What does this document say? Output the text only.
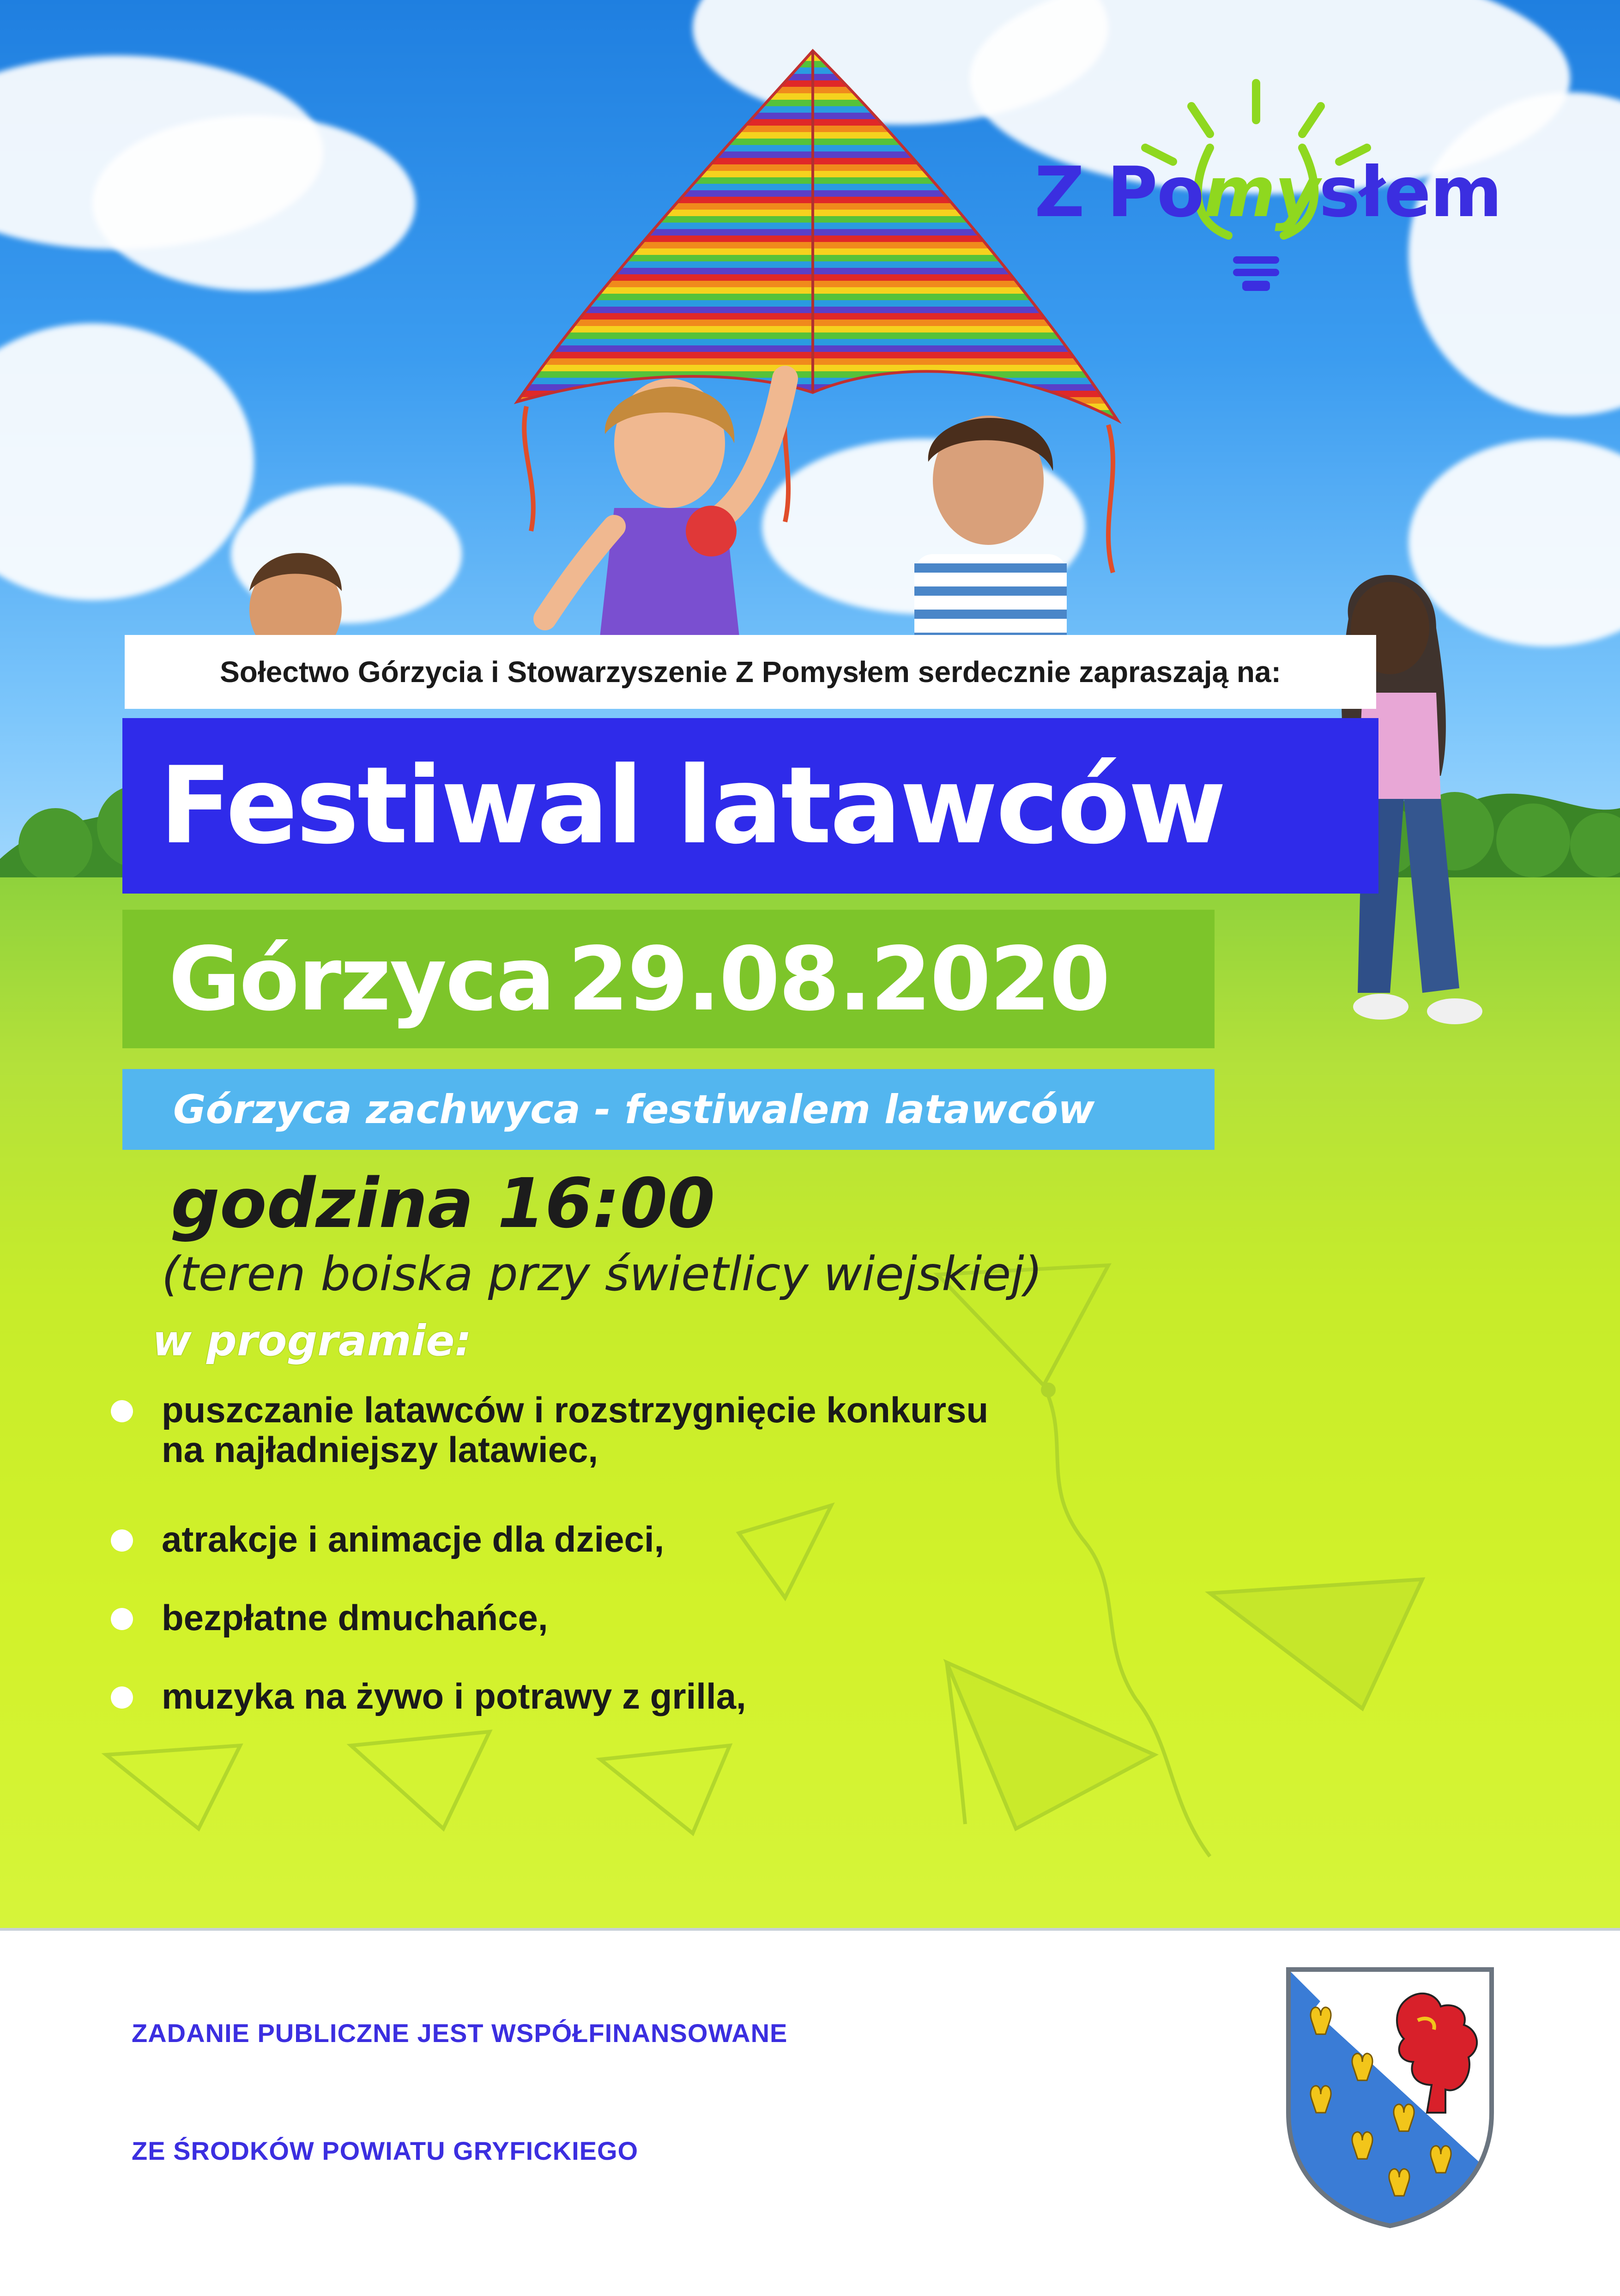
Z Pomysłem
Sołectwo Górzycia i Stowarzyszenie Z Pomysłem serdecznie zapraszają na:
Festiwal latawców
Górzyca 29.08.2020
Górzyca zachwyca - festiwalem latawców
godzina 16:00
(teren boiska przy świetlicy wiejskiej)
w programie:
puszczanie latawców i rozstrzygnięcie konkursu
na najładniejszy latawiec,
atrakcje i animacje dla dzieci,
bezpłatne dmuchańce,
muzyka na żywo i potrawy z grilla,
ZADANIE PUBLICZNE JEST WSPÓŁFINANSOWANE
ZE ŚRODKÓW POWIATU GRYFICKIEGO
